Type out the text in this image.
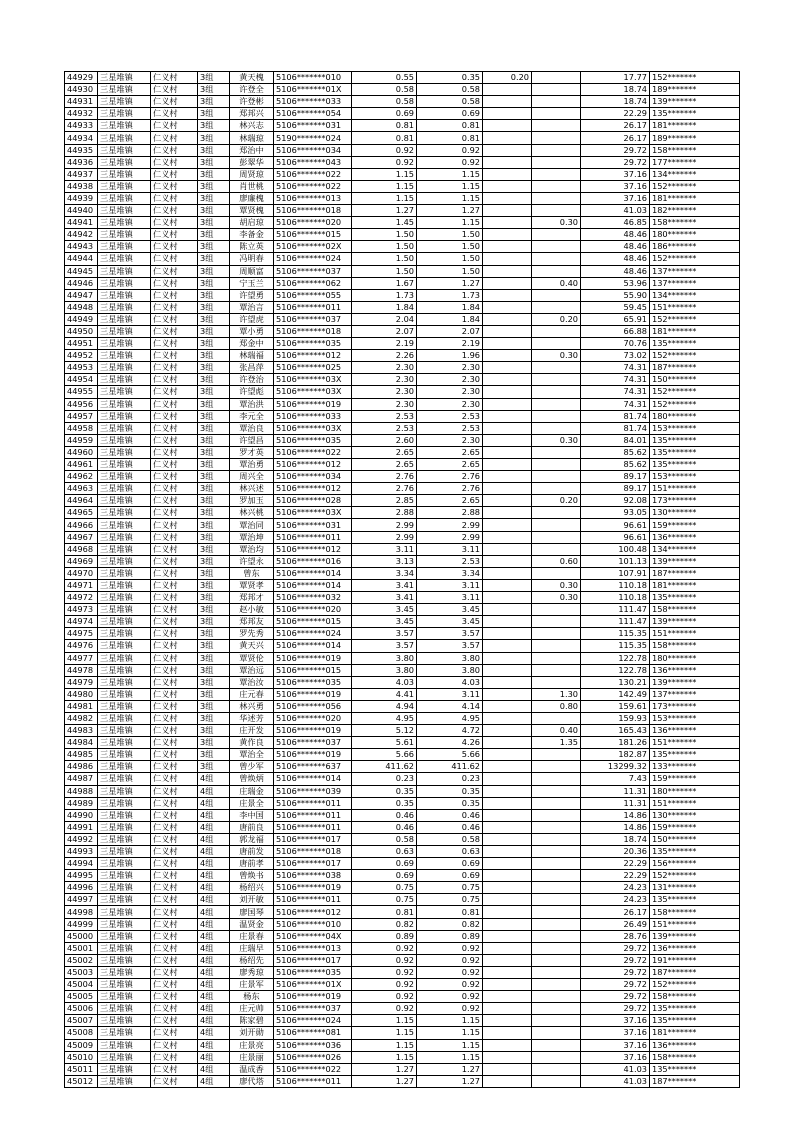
44929	三星堆镇	仁义村	3组	黄天槐	5106*******010	0.55	0.35	0.20		17.77	152*******
44930	三星堆镇	仁义村	3组	许登全	5106*******01X	0.58	0.58			18.74	189*******
44931	三星堆镇	仁义村	3组	许登彬	5106*******033	0.58	0.58			18.74	139*******
44932	三星堆镇	仁义村	3组	郑邦兴	5106*******054	0.69	0.69			22.29	135*******
44933	三星堆镇	仁义村	3组	林兴志	5106*******031	0.81	0.81			26.17	181*******
44934	三星堆镇	仁义村	3组	林瑞琼	5190*******024	0.81	0.81			26.17	189*******
44935	三星堆镇	仁义村	3组	郑治中	5106*******034	0.92	0.92			29.72	158*******
44936	三星堆镇	仁义村	3组	彭翠华	5106*******043	0.92	0.92			29.72	177*******
44937	三星堆镇	仁义村	3组	周贤琼	5106*******022	1.15	1.15			37.16	134*******
44938	三星堆镇	仁义村	3组	肖世桃	5106*******022	1.15	1.15			37.16	152*******
44939	三星堆镇	仁义村	3组	廖廉槐	5106*******013	1.15	1.15			37.16	181*******
44940	三星堆镇	仁义村	3组	覃贤槐	5106*******018	1.27	1.27			41.03	182*******
44941	三星堆镇	仁义村	3组	胡启琼	5106*******020	1.45	1.15		0.30	46.85	158*******
44942	三星堆镇	仁义村	3组	李备金	5106*******015	1.50	1.50			48.46	180*******
44943	三星堆镇	仁义村	3组	陈立英	5106*******02X	1.50	1.50			48.46	186*******
44944	三星堆镇	仁义村	3组	冯明春	5106*******024	1.50	1.50			48.46	152*******
44945	三星堆镇	仁义村	3组	周顺富	5106*******037	1.50	1.50			48.46	137*******
44946	三星堆镇	仁义村	3组	宁玉兰	5106*******062	1.67	1.27		0.40	53.96	137*******
44947	三星堆镇	仁义村	3组	许望勇	5106*******055	1.73	1.73			55.90	134*******
44948	三星堆镇	仁义村	3组	覃治言	5106*******011	1.84	1.84			59.45	151*******
44949	三星堆镇	仁义村	3组	许望虎	5106*******037	2.04	1.84		0.20	65.91	152*******
44950	三星堆镇	仁义村	3组	覃小勇	5106*******018	2.07	2.07			66.88	181*******
44951	三星堆镇	仁义村	3组	郑金中	5106*******035	2.19	2.19			70.76	135*******
44952	三星堆镇	仁义村	3组	林瑞福	5106*******012	2.26	1.96		0.30	73.02	152*******
44953	三星堆镇	仁义村	3组	张昌萍	5106*******025	2.30	2.30			74.31	187*******
44954	三星堆镇	仁义村	3组	许登治	5106*******03X	2.30	2.30			74.31	150*******
44955	三星堆镇	仁义村	3组	许望彪	5106*******03X	2.30	2.30			74.31	152*******
44956	三星堆镇	仁义村	3组	覃治洪	5106*******019	2.30	2.30			74.31	152*******
44957	三星堆镇	仁义村	3组	李元全	5106*******033	2.53	2.53			81.74	180*******
44958	三星堆镇	仁义村	3组	覃治良	5106*******03X	2.53	2.53			81.74	153*******
44959	三星堆镇	仁义村	3组	许望昌	5106*******035	2.60	2.30		0.30	84.01	135*******
44960	三星堆镇	仁义村	3组	罗才英	5106*******022	2.65	2.65			85.62	135*******
44961	三星堆镇	仁义村	3组	覃治勇	5106*******012	2.65	2.65			85.62	135*******
44962	三星堆镇	仁义村	3组	周兴全	5106*******034	2.76	2.76			89.17	153*******
44963	三星堆镇	仁义村	3组	林兴述	5106*******012	2.76	2.76			89.17	151*******
44964	三星堆镇	仁义村	3组	罗加玉	5106*******028	2.85	2.65		0.20	92.08	173*******
44965	三星堆镇	仁义村	3组	林兴桃	5106*******03X	2.88	2.88			93.05	130*******
44966	三星堆镇	仁义村	3组	覃治同	5106*******031	2.99	2.99			96.61	159*******
44967	三星堆镇	仁义村	3组	覃治坤	5106*******011	2.99	2.99			96.61	136*******
44968	三星堆镇	仁义村	3组	覃治均	5106*******012	3.11	3.11			100.48	134*******
44969	三星堆镇	仁义村	3组	许望永	5106*******016	3.13	2.53		0.60	101.13	139*******
44970	三星堆镇	仁义村	3组	曾东	5106*******014	3.34	3.34			107.91	187*******
44971	三星堆镇	仁义村	3组	覃贤孝	5106*******014	3.41	3.11		0.30	110.18	181*******
44972	三星堆镇	仁义村	3组	郑邦才	5106*******032	3.41	3.11		0.30	110.18	135*******
44973	三星堆镇	仁义村	3组	赵小敏	5106*******020	3.45	3.45			111.47	158*******
44974	三星堆镇	仁义村	3组	郑邦友	5106*******015	3.45	3.45			111.47	139*******
44975	三星堆镇	仁义村	3组	罗先秀	5106*******024	3.57	3.57			115.35	151*******
44976	三星堆镇	仁义村	3组	黄天兴	5106*******014	3.57	3.57			115.35	158*******
44977	三星堆镇	仁义村	3组	覃贤伦	5106*******019	3.80	3.80			122.78	180*******
44978	三星堆镇	仁义村	3组	覃治远	5106*******015	3.80	3.80			122.78	136*******
44979	三星堆镇	仁义村	3组	覃治汝	5106*******035	4.03	4.03			130.21	139*******
44980	三星堆镇	仁义村	3组	庄元春	5106*******019	4.41	3.11		1.30	142.49	137*******
44981	三星堆镇	仁义村	3组	林兴勇	5106*******056	4.94	4.14		0.80	159.61	173*******
44982	三星堆镇	仁义村	3组	华述芳	5106*******020	4.95	4.95			159.93	153*******
44983	三星堆镇	仁义村	3组	庄开发	5106*******019	5.12	4.72		0.40	165.43	136*******
44984	三星堆镇	仁义村	3组	黄作良	5106*******037	5.61	4.26		1.35	181.26	151*******
44985	三星堆镇	仁义村	3组	覃治全	5106*******019	5.66	5.66			182.87	135*******
44986	三星堆镇	仁义村	3组	曾少军	5106*******637	411.62	411.62			13299.32	133*******
44987	三星堆镇	仁义村	4组	曾焕炳	5106*******014	0.23	0.23			7.43	159*******
44988	三星堆镇	仁义村	4组	庄瑞金	5106*******039	0.35	0.35			11.31	180*******
44989	三星堆镇	仁义村	4组	庄景全	5106*******011	0.35	0.35			11.31	151*******
44990	三星堆镇	仁义村	4组	李中国	5106*******011	0.46	0.46			14.86	130*******
44991	三星堆镇	仁义村	4组	唐前良	5106*******011	0.46	0.46			14.86	159*******
44992	三星堆镇	仁义村	4组	郭龙福	5106*******017	0.58	0.58			18.74	150*******
44993	三星堆镇	仁义村	4组	唐前发	5106*******018	0.63	0.63			20.36	135*******
44994	三星堆镇	仁义村	4组	唐前孝	5106*******017	0.69	0.69			22.29	156*******
44995	三星堆镇	仁义村	4组	曾焕书	5106*******038	0.69	0.69			22.29	152*******
44996	三星堆镇	仁义村	4组	杨绍兴	5106*******019	0.75	0.75			24.23	131*******
44997	三星堆镇	仁义村	4组	刘开敏	5106*******011	0.75	0.75			24.23	135*******
44998	三星堆镇	仁义村	4组	廖国琴	5106*******012	0.81	0.81			26.17	158*******
44999	三星堆镇	仁义村	4组	温贤金	5106*******010	0.82	0.82			26.49	151*******
45000	三星堆镇	仁义村	4组	庄景春	5106*******04X	0.89	0.89			28.76	139*******
45001	三星堆镇	仁义村	4组	庄瑞早	5106*******013	0.92	0.92			29.72	136*******
45002	三星堆镇	仁义村	4组	杨绍先	5106*******017	0.92	0.92			29.72	191*******
45003	三星堆镇	仁义村	4组	廖秀琼	5106*******035	0.92	0.92			29.72	187*******
45004	三星堆镇	仁义村	4组	庄景军	5106*******01X	0.92	0.92			29.72	152*******
45005	三星堆镇	仁义村	4组	杨东	5106*******019	0.92	0.92			29.72	158*******
45006	三星堆镇	仁义村	4组	庄元帅	5106*******037	0.92	0.92			29.72	135*******
45007	三星堆镇	仁义村	4组	陈家碧	5106*******024	1.15	1.15			37.16	135*******
45008	三星堆镇	仁义村	4组	刘开勋	5106*******081	1.15	1.15			37.16	181*******
45009	三星堆镇	仁义村	4组	庄景亮	5106*******036	1.15	1.15			37.16	136*******
45010	三星堆镇	仁义村	4组	庄景丽	5106*******026	1.15	1.15			37.16	158*******
45011	三星堆镇	仁义村	4组	温成香	5106*******022	1.27	1.27			41.03	135*******
45012	三星堆镇	仁义村	4组	廖代塔	5106*******011	1.27	1.27			41.03	187*******
